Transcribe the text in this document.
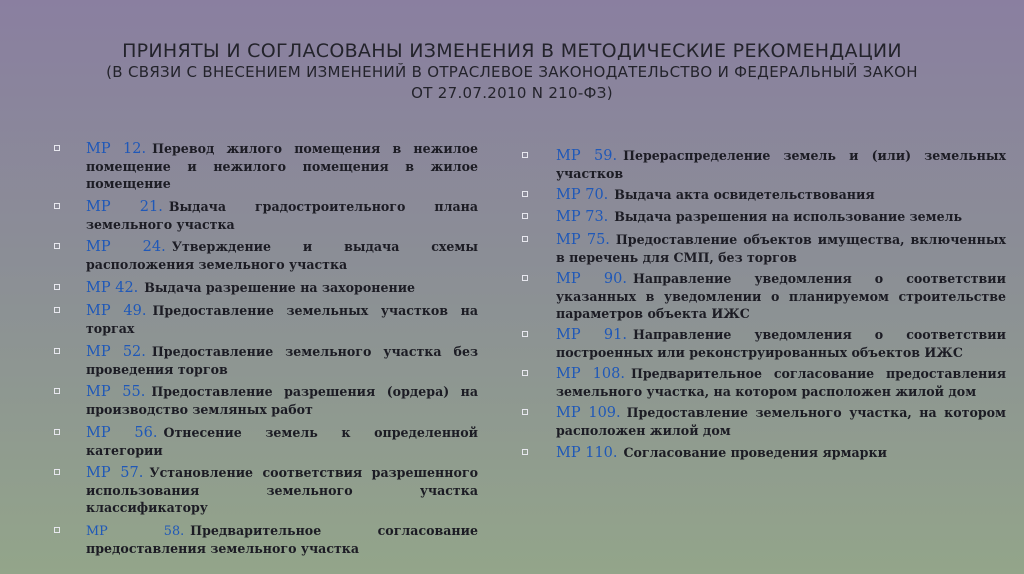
ПРИНЯТЫ И СОГЛАСОВАНЫ ИЗМЕНЕНИЯ В МЕТОДИЧЕСКИЕ РЕКОМЕНДАЦИИ
(В СВЯЗИ С ВНЕСЕНИЕМ ИЗМЕНЕНИЙ В ОТРАСЛЕВОЕ ЗАКОНОДАТЕЛЬСТВО И ФЕДЕРАЛЬНЫЙ ЗАКОН
ОТ 27.07.2010 N 210-ФЗ)
МР 12. Перевод жилого помещения в нежилое помещение и нежилого помещения в жилое помещение
МР 21. Выдача градостроительного плана земельного участка
МР 24. Утверждение и выдача схемы расположения земельного участка
МР 42. Выдача разрешение на захоронение
МР 49. Предоставление земельных участков на торгах
МР 52. Предоставление земельного участка без проведения торгов
МР 55. Предоставление разрешения (ордера) на производство земляных работ
МР 56. Отнесение земель к определенной категории
МР 57. Установление соответствия разрешенного использования земельного участка классификатору
МР 58. Предварительное согласование предоставления земельного участка
МР 59. Перераспределение земель и (или) земельных участков
МР 70. Выдача акта освидетельствования
МР 73. Выдача разрешения на использование земель
МР 75. Предоставление объектов имущества, включенных в перечень для СМП, без торгов
МР 90. Направление уведомления о соответствии указанных в уведомлении о планируемом строительстве параметров объекта ИЖС
МР 91. Направление уведомления о соответствии построенных или реконструированных объектов ИЖС
МР 108. Предварительное согласование предоставления земельного участка, на котором расположен жилой дом
МР 109. Предоставление земельного участка, на котором расположен жилой дом
МР 110. Согласование проведения ярмарки
